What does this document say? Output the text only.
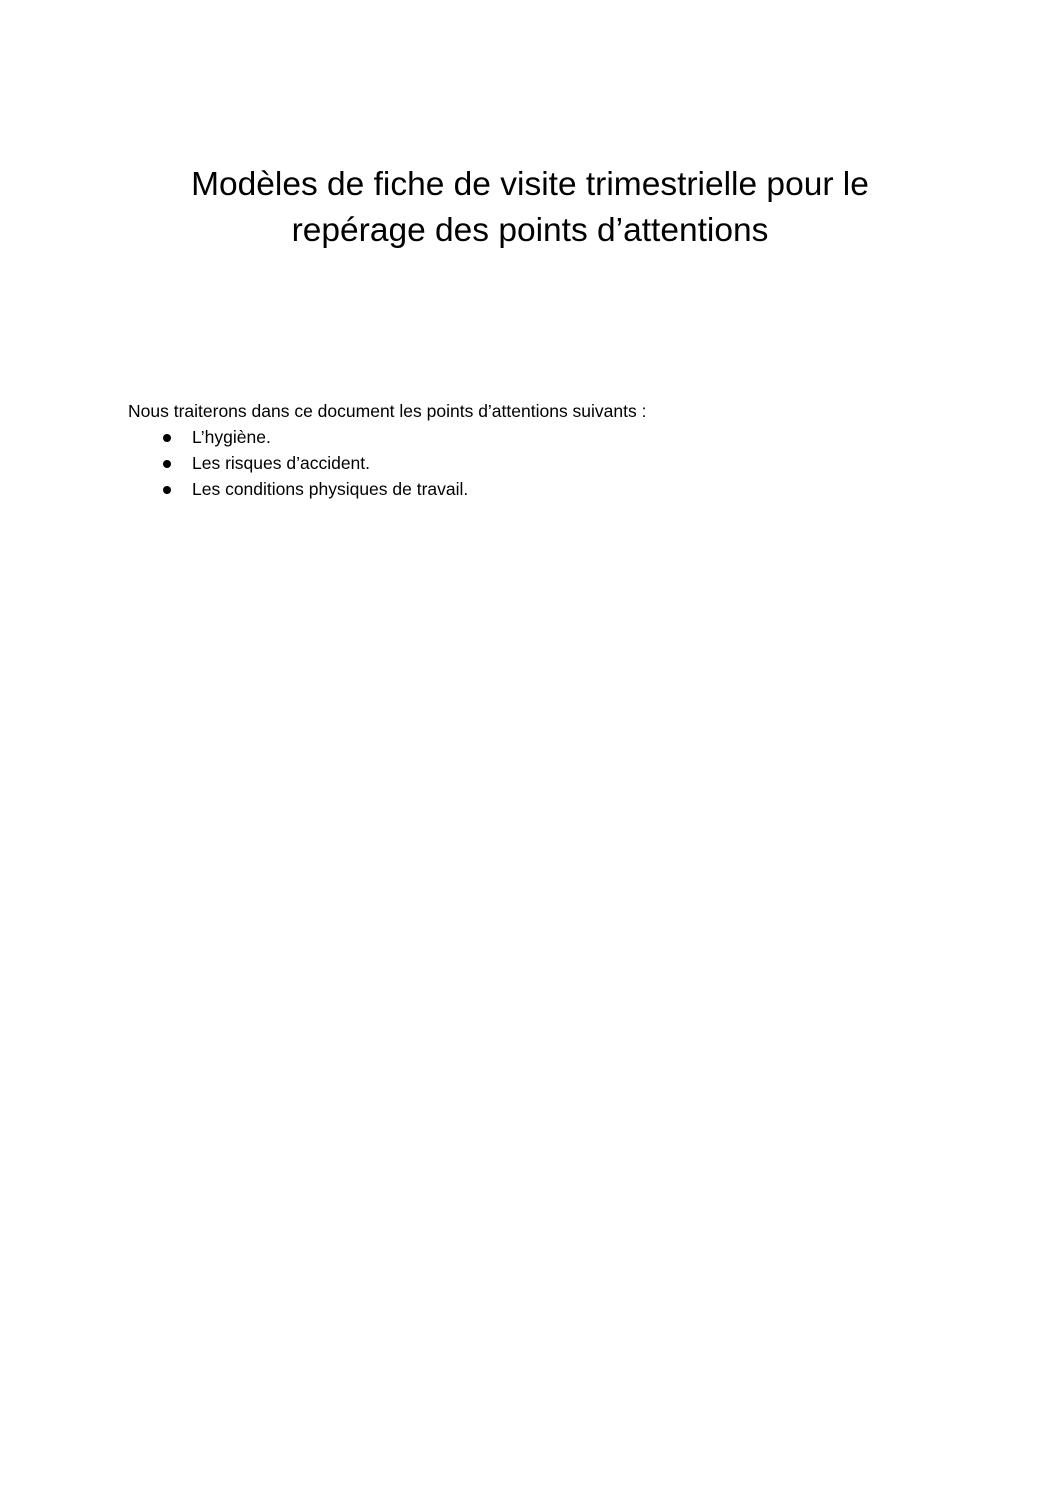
Modèles de fiche de visite trimestrielle pour le
repérage des points d’attentions

Nous traiterons dans ce document les points d’attentions suivants :

L’hygiène.
Les risques d’accident.
Les conditions physiques de travail.
